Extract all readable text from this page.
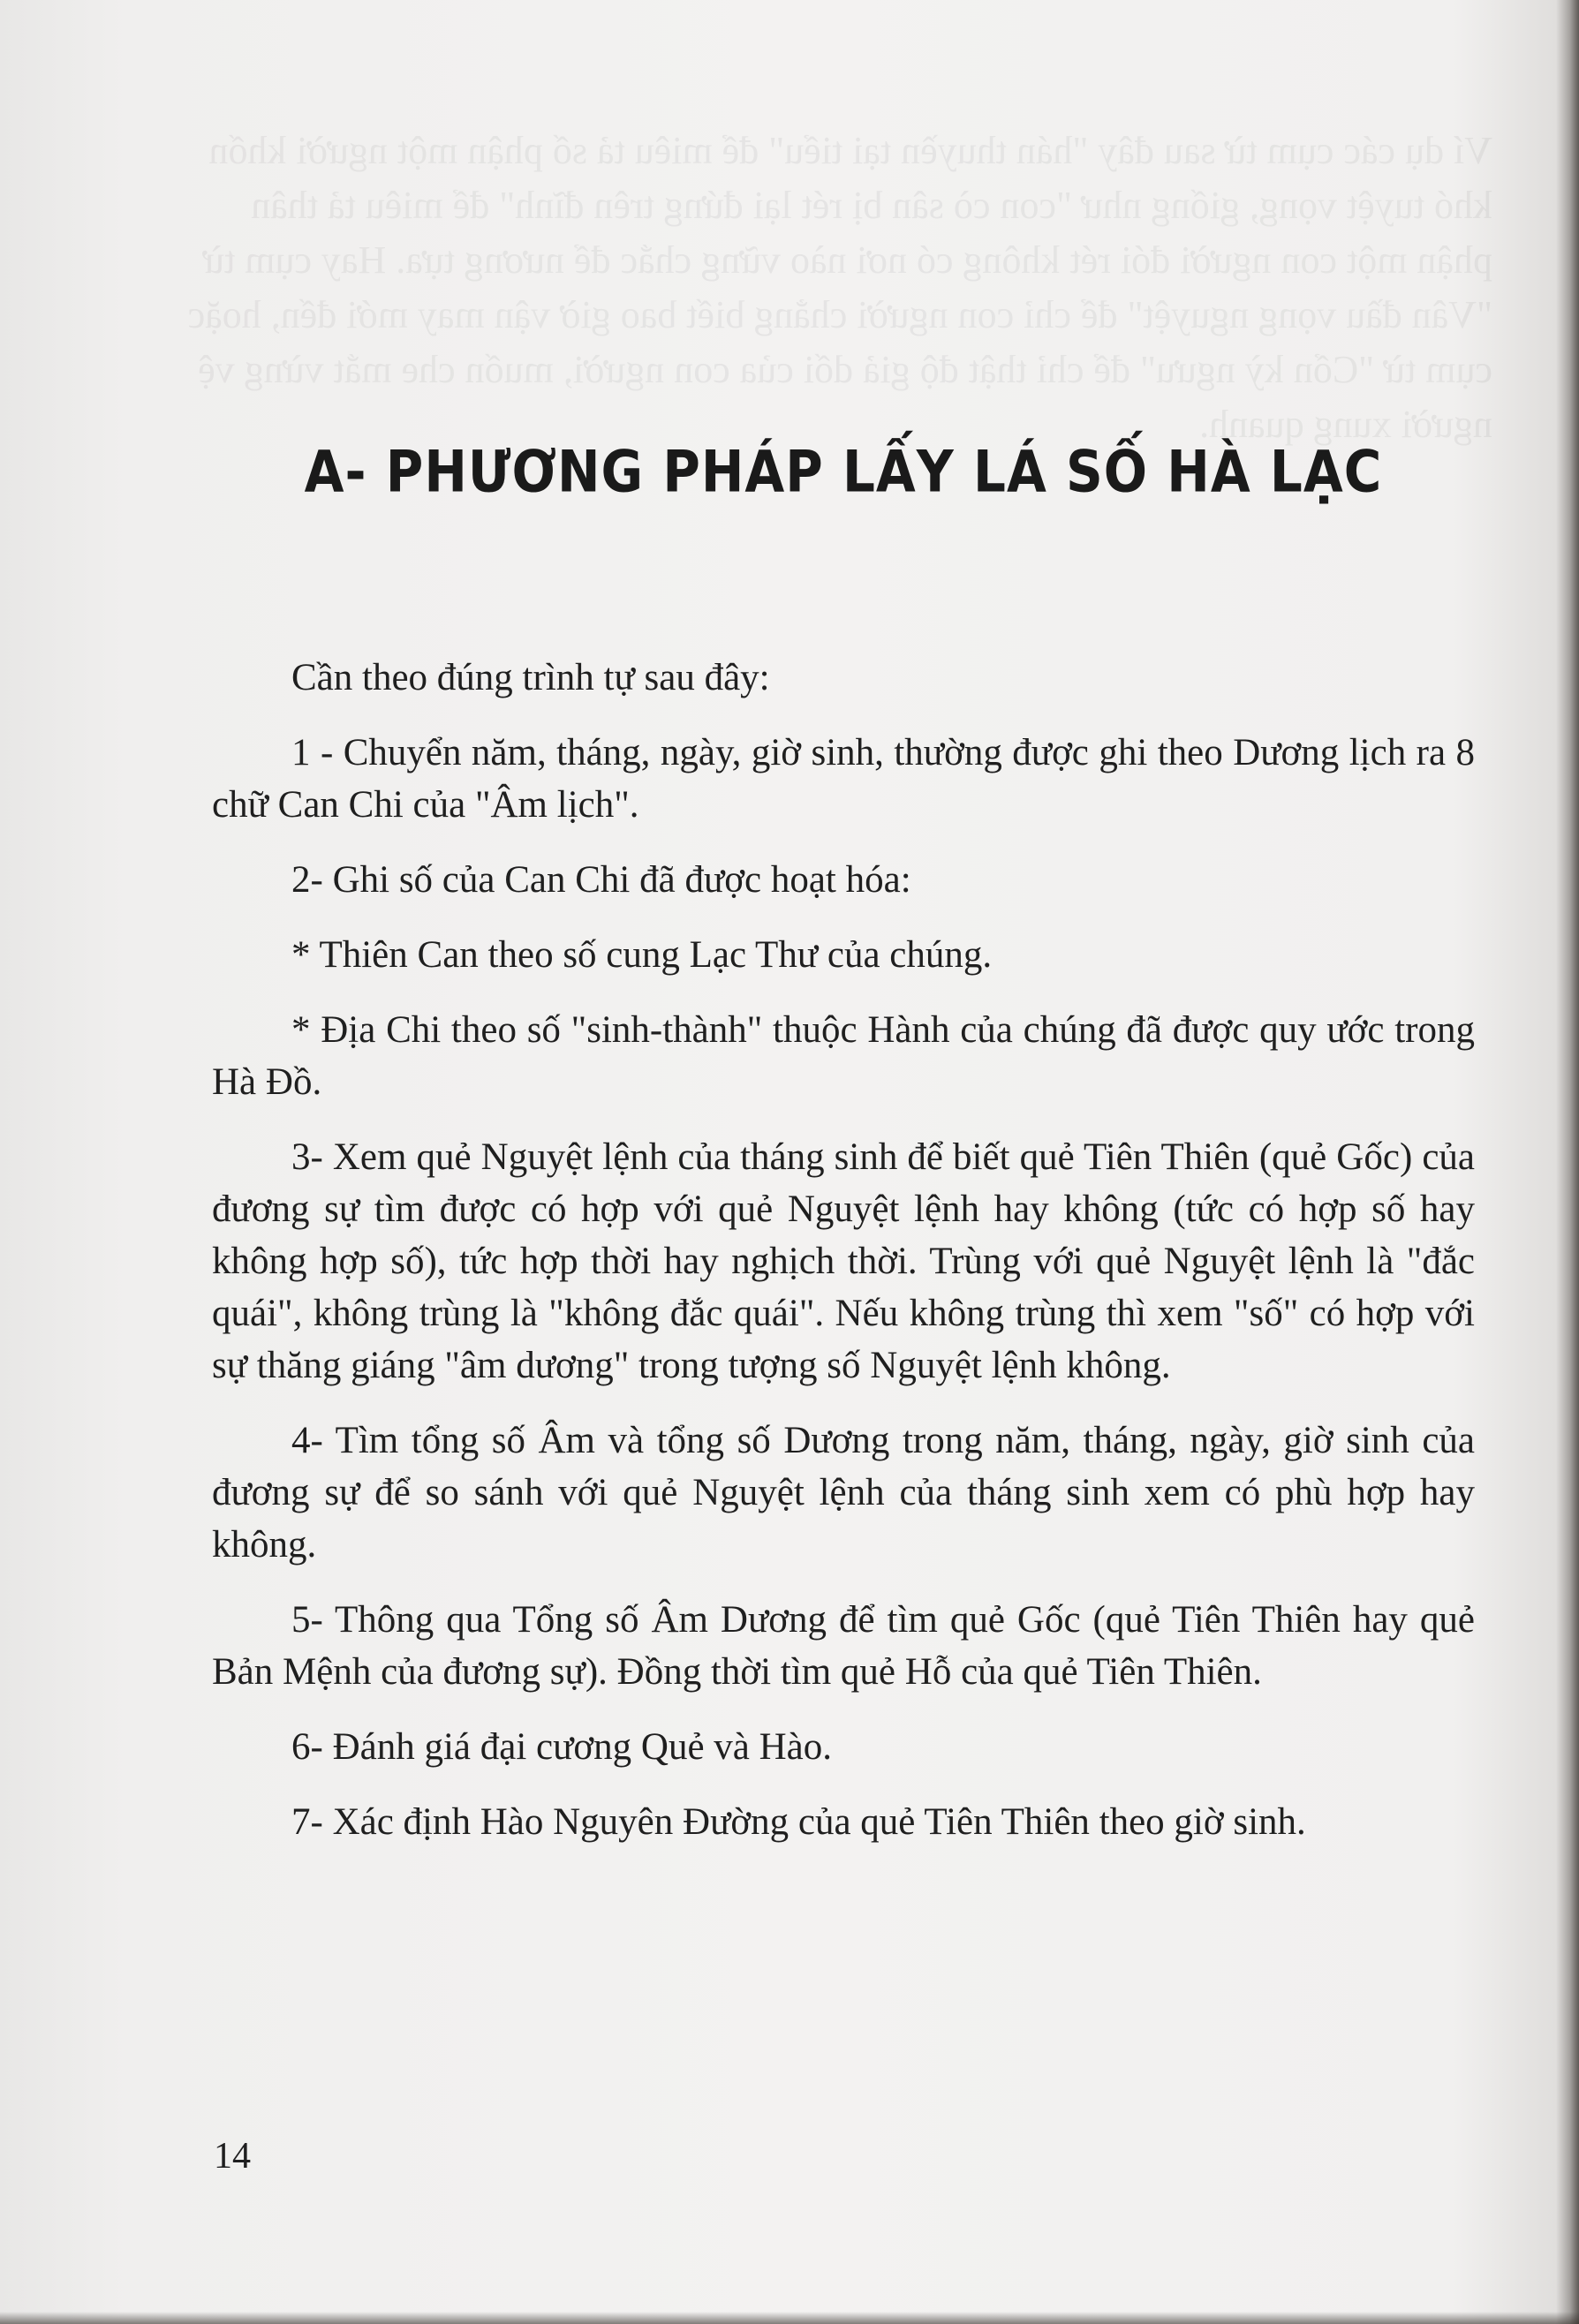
Ví dụ các cụm từ sau đây "hán thuyền tại tiểu" để miêu tả số phận một người khốn khó tuyệt vọng, giống như "con cò sân bị rét lại đứng trên đĩnh" để miêu tả thân phận một con người đói rét không có nơi nào vững chắc để nương tựa. Hay cụm từ "Vân đầu vọng nguyệt" để chỉ con người chẳng biết bao giờ vận may mới đến, hoặc cụm từ "Cổn kỳ ngưu" để chỉ thật độ giả dối của con người, muốn che mắt vừng vệ người xung quanh.
A- PHƯƠNG PHÁP LẤY LÁ SỐ HÀ LẠC

Cần theo đúng trình tự sau đây:

1 - Chuyển năm, tháng, ngày, giờ sinh, thường được ghi theo Dương lịch ra 8 chữ Can Chi của "Âm lịch".

2- Ghi số của Can Chi đã được hoạt hóa:

* Thiên Can theo số cung Lạc Thư của chúng.

* Địa Chi theo số "sinh-thành" thuộc Hành của chúng đã được quy ước trong Hà Đồ.

3- Xem quẻ Nguyệt lệnh của tháng sinh để biết quẻ Tiên Thiên (quẻ Gốc) của đương sự tìm được có hợp với quẻ Nguyệt lệnh hay không (tức có hợp số hay không hợp số), tức hợp thời hay nghịch thời. Trùng với quẻ Nguyệt lệnh là "đắc quái", không trùng là "không đắc quái". Nếu không trùng thì xem "số" có hợp với sự thăng giáng "âm dương" trong tượng số Nguyệt lệnh không.

4- Tìm tổng số Âm và tổng số Dương trong năm, tháng, ngày, giờ sinh của đương sự để so sánh với quẻ Nguyệt lệnh của tháng sinh xem có phù hợp hay không.

5- Thông qua Tổng số Âm Dương để tìm quẻ Gốc (quẻ Tiên Thiên hay quẻ Bản Mệnh của đương sự). Đồng thời tìm quẻ Hỗ của quẻ Tiên Thiên.

6- Đánh giá đại cương Quẻ và Hào.

7- Xác định Hào Nguyên Đường của quẻ Tiên Thiên theo giờ sinh.

14
